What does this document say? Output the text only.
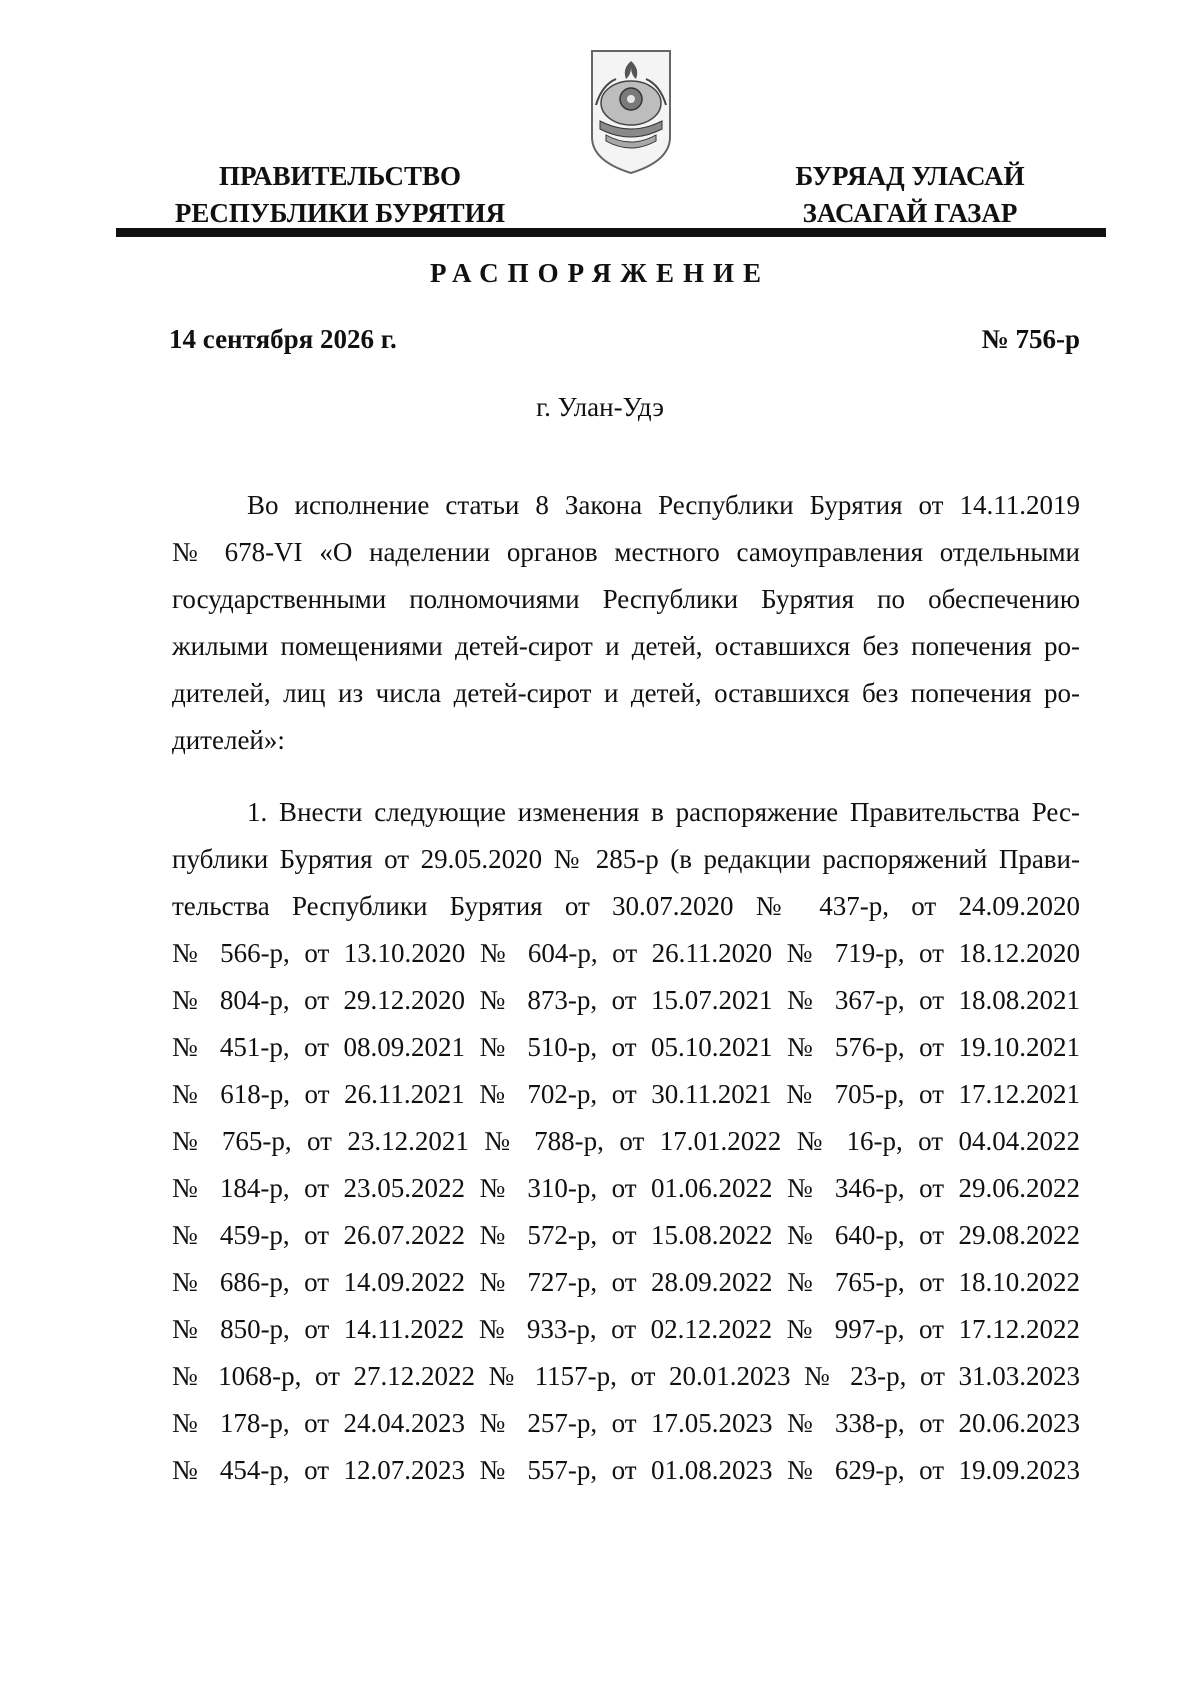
ПРАВИТЕЛЬСТВО
РЕСПУБЛИКИ БУРЯТИЯ
БУРЯАД УЛАСАЙ
ЗАСАГАЙ ГАЗАР
РАСПОРЯЖЕНИЕ
14 сентября 2026 г.	№ 756-р
г. Улан-Удэ
Во исполнение статьи 8 Закона Республики Бурятия от 14.11.2019
№ 678-VI «О наделении органов местного самоуправления отдельными
государственными полномочиями Республики Бурятия по обеспечению
жилыми помещениями детей-сирот и детей, оставшихся без попечения ро-
дителей, лиц из числа детей-сирот и детей, оставшихся без попечения ро-
дителей»:
1. Внести следующие изменения в распоряжение Правительства Рес-
публики Бурятия от 29.05.2020 № 285-р (в редакции распоряжений Прави-
тельства Республики Бурятия от 30.07.2020 № 437-р, от 24.09.2020
№ 566-р, от 13.10.2020 № 604-р, от 26.11.2020 № 719-р, от 18.12.2020
№ 804-р, от 29.12.2020 № 873-р, от 15.07.2021 № 367-р, от 18.08.2021
№ 451-р, от 08.09.2021 № 510-р, от 05.10.2021 № 576-р, от 19.10.2021
№ 618-р, от 26.11.2021 № 702-р, от 30.11.2021 № 705-р, от 17.12.2021
№ 765-р, от 23.12.2021 № 788-р, от 17.01.2022 № 16-р, от 04.04.2022
№ 184-р, от 23.05.2022 № 310-р, от 01.06.2022 № 346-р, от 29.06.2022
№ 459-р, от 26.07.2022 № 572-р, от 15.08.2022 № 640-р, от 29.08.2022
№ 686-р, от 14.09.2022 № 727-р, от 28.09.2022 № 765-р, от 18.10.2022
№ 850-р, от 14.11.2022 № 933-р, от 02.12.2022 № 997-р, от 17.12.2022
№ 1068-р, от 27.12.2022 № 1157-р, от 20.01.2023 № 23-р, от 31.03.2023
№ 178-р, от 24.04.2023 № 257-р, от 17.05.2023 № 338-р, от 20.06.2023
№ 454-р, от 12.07.2023 № 557-р, от 01.08.2023 № 629-р, от 19.09.2023
